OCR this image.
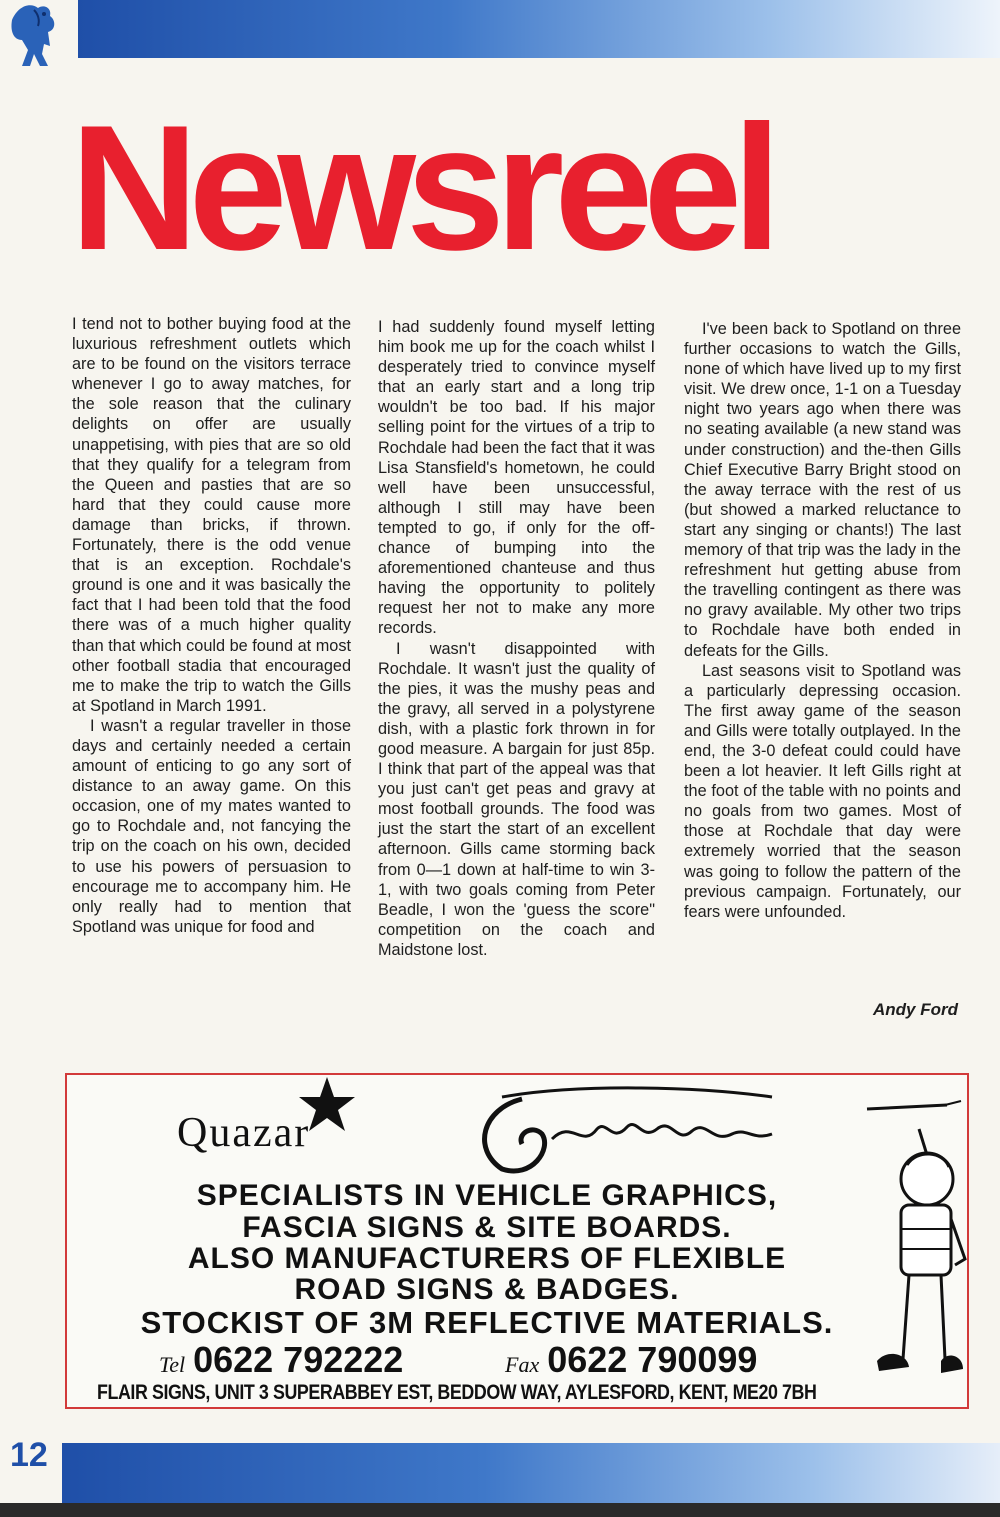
Newsreel

I tend not to bother buying food at the luxurious refreshment outlets which are to be found on the visitors terrace whenever I go to away matches, for the sole reason that the culinary delights on offer are usually unappetising, with pies that are so old that they qualify for a telegram from the Queen and pasties that are so hard that they could cause more damage than bricks, if thrown. Fortunately, there is the odd venue that is an exception. Rochdale's ground is one and it was basically the fact that I had been told that the food there was of a much higher quality than that which could be found at most other football stadia that encouraged me to make the trip to watch the Gills at Spotland in March 1991.

I wasn't a regular traveller in those days and certainly needed a certain amount of enticing to go any sort of distance to an away game. On this occasion, one of my mates wanted to go to Rochdale and, not fancying the trip on the coach on his own, decided to use his powers of persuasion to encourage me to accompany him. He only really had to mention that Spotland was unique for food and

I had suddenly found myself letting him book me up for the coach whilst I desperately tried to convince myself that an early start and a long trip wouldn't be too bad. If his major selling point for the virtues of a trip to Rochdale had been the fact that it was Lisa Stansfield's hometown, he could well have been unsuccessful, although I still may have been tempted to go, if only for the off-chance of bumping into the aforementioned chanteuse and thus having the opportunity to politely request her not to make any more records.

I wasn't disappointed with Rochdale. It wasn't just the quality of the pies, it was the mushy peas and the gravy, all served in a polystyrene dish, with a plastic fork thrown in for good measure. A bargain for just 85p. I think that part of the appeal was that you just can't get peas and gravy at most football grounds. The food was just the start the start of an excellent afternoon. Gills came storming back from 0—1 down at half-time to win 3-1, with two goals coming from Peter Beadle, I won the 'guess the score" competition on the coach and Maidstone lost.

I've been back to Spotland on three further occasions to watch the Gills, none of which have lived up to my first visit. We drew once, 1-1 on a Tuesday night two years ago when there was no seating available (a new stand was under construction) and the-then Gills Chief Executive Barry Bright stood on the away terrace with the rest of us (but showed a marked reluctance to start any singing or chants!) The last memory of that trip was the lady in the refreshment hut getting abuse from the travelling contingent as there was no gravy available. My other two trips to Rochdale have both ended in defeats for the Gills.

Last seasons visit to Spotland was a particularly depressing occasion. The first away game of the season and Gills were totally outplayed. In the end, the 3-0 defeat could could have been a lot heavier. It left Gills right at the foot of the table with no points and no goals from two games. Most of those at Rochdale that day were extremely worried that the season was going to follow the pattern of the previous campaign. Fortunately, our fears were unfounded.

Andy Ford
Quazar
SPECIALISTS IN VEHICLE GRAPHICS,
FASCIA SIGNS & SITE BOARDS.
ALSO MANUFACTURERS OF FLEXIBLE
ROAD SIGNS & BADGES.
STOCKIST OF 3M REFLECTIVE MATERIALS.
Tel 0622 792222	Fax 0622 790099
FLAIR SIGNS, UNIT 3 SUPERABBEY EST, BEDDOW WAY, AYLESFORD, KENT, ME20 7BH
12
